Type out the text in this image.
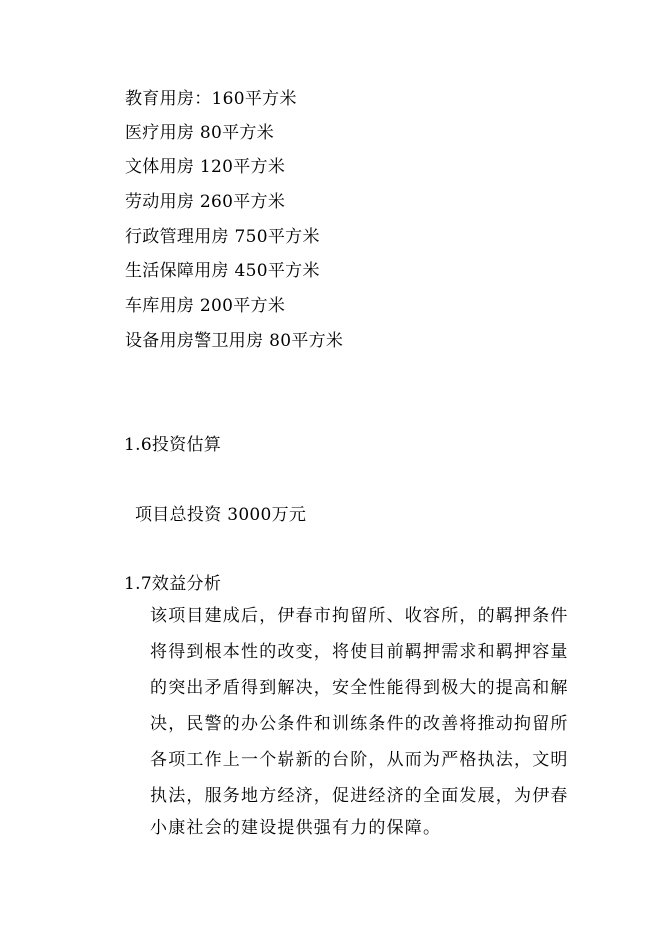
教育用房：160平方米
医疗用房 80平方米
文体用房 120平方米
劳动用房 260平方米
行政管理用房 750平方米
生活保障用房 450平方米
车库用房 200平方米
设备用房警卫用房 80平方米
1.6投资估算
项目总投资 3000万元
1.7效益分析
该项目建成后，伊春市拘留所、收容所，的羁押条件
将得到根本性的改变，将使目前羁押需求和羁押容量
的突出矛盾得到解决，安全性能得到极大的提高和解
决，民警的办公条件和训练条件的改善将推动拘留所
各项工作上一个崭新的台阶，从而为严格执法，文明
执法，服务地方经济，促进经济的全面发展，为伊春
小康社会的建设提供强有力的保障。
